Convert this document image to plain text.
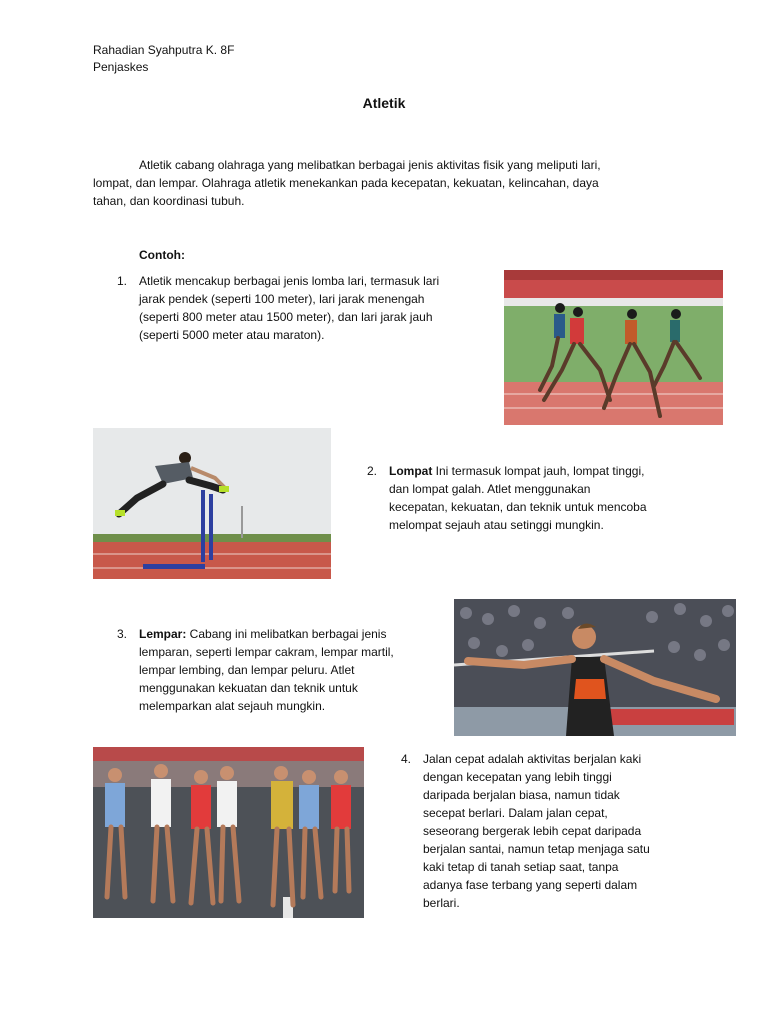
Rahadian Syahputra K. 8F
Penjaskes
Atletik
Atletik cabang olahraga yang melibatkan berbagai jenis aktivitas fisik yang meliputi lari,
lompat, dan lempar. Olahraga atletik menekankan pada kecepatan, kekuatan, kelincahan, daya
tahan, dan koordinasi tubuh.
Contoh:
1. Atletik mencakup berbagai jenis lomba lari, termasuk lari
jarak pendek (seperti 100 meter), lari jarak menengah
(seperti 800 meter atau 1500 meter), dan lari jarak jauh
(seperti 5000 meter atau maraton).
2. Lompat Ini termasuk lompat jauh, lompat tinggi,
dan lompat galah. Atlet menggunakan
kecepatan, kekuatan, dan teknik untuk mencoba
melompat sejauh atau setinggi mungkin.
3. Lempar: Cabang ini melibatkan berbagai jenis
lemparan, seperti lempar cakram, lempar martil,
lempar lembing, dan lempar peluru. Atlet
menggunakan kekuatan dan teknik untuk
melemparkan alat sejauh mungkin.
4. Jalan cepat adalah aktivitas berjalan kaki
dengan kecepatan yang lebih tinggi
daripada berjalan biasa, namun tidak
secepat berlari. Dalam jalan cepat,
seseorang bergerak lebih cepat daripada
berjalan santai, namun tetap menjaga satu
kaki tetap di tanah setiap saat, tanpa
adanya fase terbang yang seperti dalam
berlari.
